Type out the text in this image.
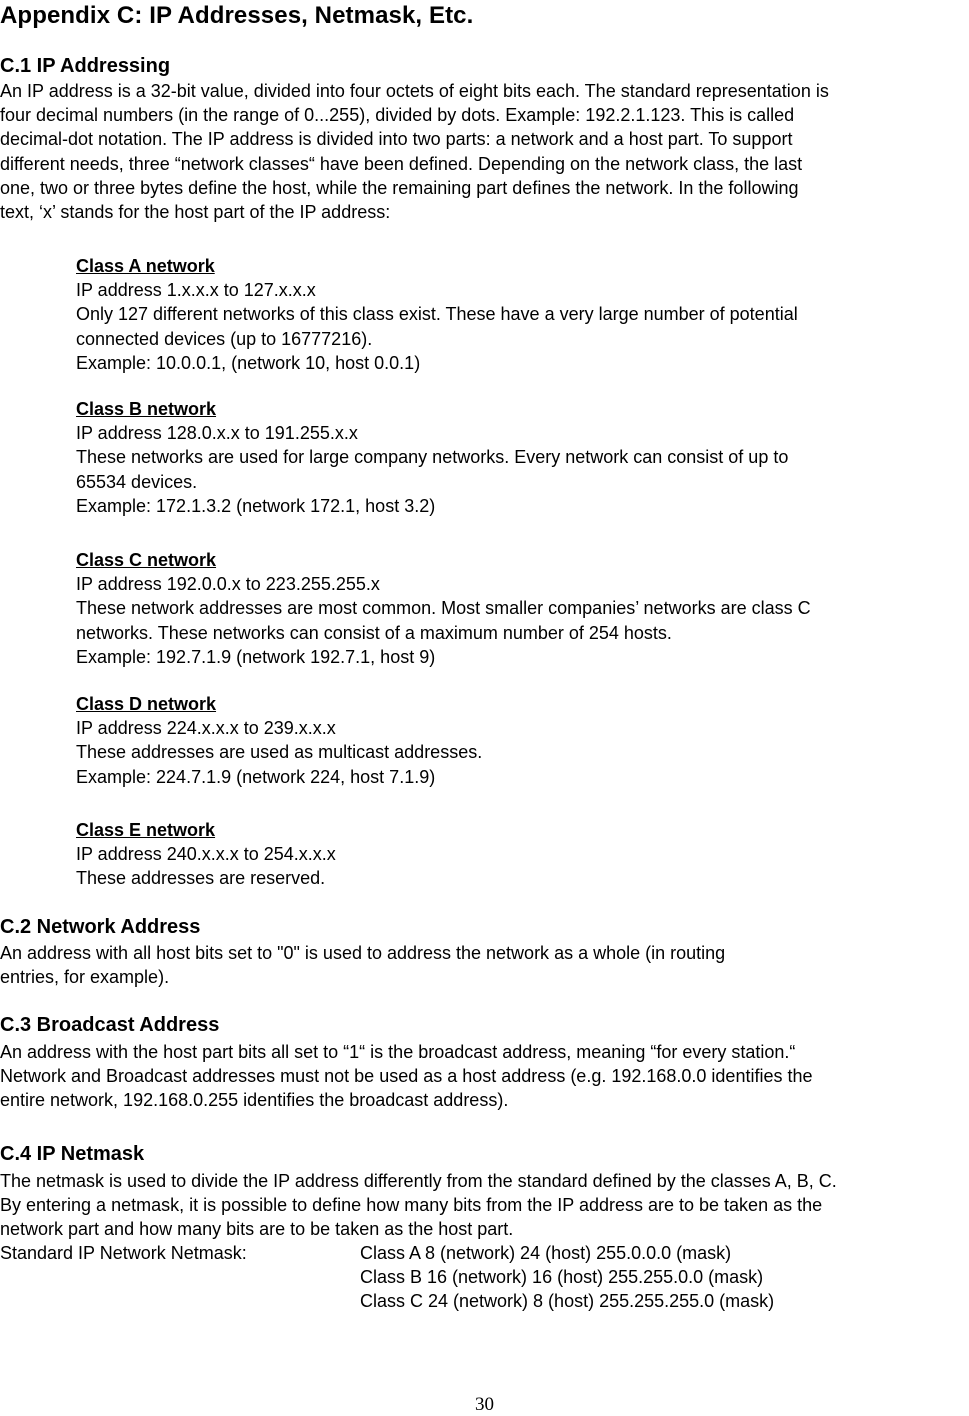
Appendix C: IP Addresses, Netmask, Etc.
C.1 IP Addressing
An IP address is a 32-bit value, divided into four octets of eight bits each. The standard representation is
four decimal numbers (in the range of 0...255), divided by dots. Example: 192.2.1.123. This is called
decimal-dot notation. The IP address is divided into two parts: a network and a host part. To support
different needs, three “network classes“ have been defined. Depending on the network class, the last
one, two or three bytes define the host, while the remaining part defines the network. In the following
text, ‘x’ stands for the host part of the IP address:
Class A network
IP address 1.x.x.x to 127.x.x.x
Only 127 different networks of this class exist. These have a very large number of potential
connected devices (up to 16777216).
Example: 10.0.0.1, (network 10, host 0.0.1)
Class B network
IP address 128.0.x.x to 191.255.x.x
These networks are used for large company networks. Every network can consist of up to
65534 devices.
Example: 172.1.3.2 (network 172.1, host 3.2)
Class C network
IP address 192.0.0.x to 223.255.255.x
These network addresses are most common. Most smaller companies’ networks are class C
networks. These networks can consist of a maximum number of 254 hosts.
Example: 192.7.1.9 (network 192.7.1, host 9)
Class D network
IP address 224.x.x.x to 239.x.x.x
These addresses are used as multicast addresses.
Example: 224.7.1.9 (network 224, host 7.1.9)
Class E network
IP address 240.x.x.x to 254.x.x.x
These addresses are reserved.
C.2 Network Address
An address with all host bits set to "0" is used to address the network as a whole (in routing
entries, for example).
C.3 Broadcast Address
An address with the host part bits all set to “1“ is the broadcast address, meaning “for every station.“
Network and Broadcast addresses must not be used as a host address (e.g. 192.168.0.0 identifies the
entire network, 192.168.0.255 identifies the broadcast address).
C.4 IP Netmask
The netmask is used to divide the IP address differently from the standard defined by the classes A, B, C.
By entering a netmask, it is possible to define how many bits from the IP address are to be taken as the
network part and how many bits are to be taken as the host part.
Standard IP Network Netmask:	Class A 8 (network) 24 (host) 255.0.0.0 (mask)
Class B 16 (network) 16 (host) 255.255.0.0 (mask)
Class C 24 (network) 8 (host) 255.255.255.0 (mask)
30
